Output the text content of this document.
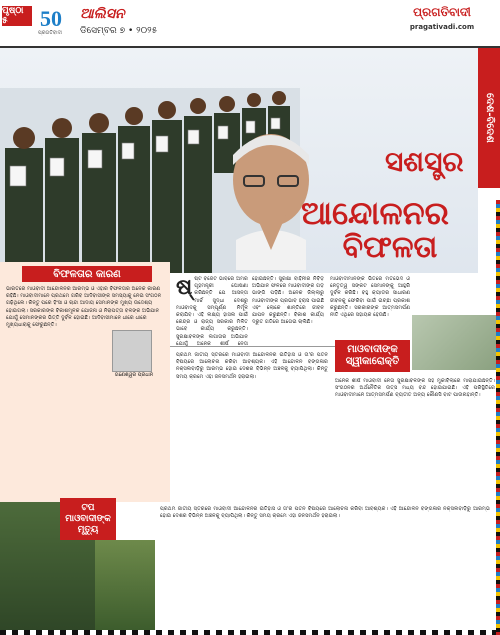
ପୃଷ୍ଠା ୫	50
ପ୍ରଗତିବାଦୀ
ଆଲିସନ
ଡିସେମ୍ବର ୭ • ୨୦୨୫
ପ୍ରଗତିବାଦୀ
pragativadi.com
ଦେଶ-ବିଦେଶ
ସଶସ୍ତ୍ର
ଆନ୍ଦୋଳନର
ବିଫଳତା
ବିଫଳତାର କାରଣ
ଭାରତରେ ମାଓବାଦୀ ଆନ୍ଦୋଳନର ଆରମ୍ଭ ଓ ଏହାର ବିଫଳତାର ଅନେକ କାରଣ ରହିଛି। ମାଓବାଦୀମାନେ ପ୍ରଥମେ ଗରିବ ଆଦିବାସୀଙ୍କ ସମସ୍ୟାକୁ ନେଇ ସଂଗଠନ ଗଢ଼ିଥିଲେ। କିନ୍ତୁ ପରେ ହିଂସା ଓ ଚାନ୍ଦା ଆଦାୟ ସେମାନଙ୍କ ମୁଖ୍ୟ ଉଦ୍ଦେଶ୍ୟ ହୋଇଗଲା। ସରକାରଙ୍କ ବିକାଶମୂଳକ ଯୋଜନା ଓ ନିରାପତ୍ତା ବଳଙ୍କ ଅଭିଯାନ ଯୋଗୁଁ ସେମାନଙ୍କର ଭିତ୍ତି ଦୁର୍ବଳ ହୋଇଛି। ଆଦିବାସୀମାନେ ଧୀରେ ଧୀରେ ମୁଖ୍ୟଧାରାକୁ ଫେରୁଛନ୍ତି।
ଗଣେଶ୍ୱର ପ୍ରଧାନ
ଷ୍ଷ୍ଟ ବଜେଟ ଭାବରେ ଅମର ଗୃହମନ୍ତ୍ରୀ ଘୋଷଣା କରିଛନ୍ତି ଯେ ଆସନ୍ତା ମାର୍ଚ୍ଚ ସୁଦ୍ଧା ଦେଶରୁ ମାଓବାଦକୁ ସମ୍ପୂର୍ଣ୍ଣ ନିର୍ମୂଳ କରାଯିବ। ଏହି ଲକ୍ଷ୍ୟ ହାସଲ ପାଇଁ କେନ୍ଦ୍ର ଓ ରାଜ୍ୟ ସରକାର ମିଳିତ ଭାବେ କାର୍ଯ୍ୟ କରୁଛନ୍ତି। ସୁରକ୍ଷାବଳଙ୍କ ଲଗାତାର ଅଭିଯାନ ଯୋଗୁଁ ଅନେକ ଶୀର୍ଷ ନେତା
ହୋଇଛନ୍ତି। ସୁରକ୍ଷା ବାହିନୀର ନିବିଡ଼ ଅଭିଯାନ ଫଳରେ ମାଓବାଦୀଙ୍କ ଗଡ଼ ଭାଙ୍ଗି ପଡ଼ିଛି। ଅନେକ ଜିଲ୍ଲାରୁ ମାଓବାଦୀଙ୍କ ପ୍ରଭାବ ହ୍ରାସ ପାଇଛି ଏବଂ ଲୋକେ ଶାନ୍ତିରେ ଜୀବନ ଯାପନ କରୁଛନ୍ତି। ବିକାଶ କାର୍ଯ୍ୟ ଦ୍ରୁତ ଗତିରେ ଆଗେଇ ଚାଲିଛି।
ମାଓବାଦୀମାନଙ୍କ ଭିତରେ ମତଭେଦ ଓ ନେତୃତ୍ୱ ସଙ୍କଟ ସେମାନଙ୍କୁ ଆହୁରି ଦୁର୍ବଳ କରିଛି। ବହୁ କ୍ୟାଡର ସାଧାରଣ ଜୀବନକୁ ଫେରିବା ପାଇଁ ଇଚ୍ଛା ପ୍ରକାଶ କରୁଛନ୍ତି। ସରକାରଙ୍କ ଆତ୍ମସମର୍ପଣ ନୀତି ଏଥିରେ ସହାୟକ ହେଉଛି।
ପ୍ରଥମ ଜାତୀୟ ସ୍ତରରେ ମାଓବାଦୀ ଆନ୍ଦୋଳନର ଇତିହାସ ଓ ତା'ର ପତନ ବିଷୟରେ ଆଲୋଚନା କରିବା ଆବଶ୍ୟକ। ଏହି ଆନ୍ଦୋଳନ ବଙ୍ଗଳାର ନକ୍ସଲବାଡ଼ିରୁ ଆରମ୍ଭ ହୋଇ ଦେଶର ବିଭିନ୍ନ ଅଞ୍ଚଳକୁ ବ୍ୟାପିଥିଲା। କିନ୍ତୁ ସମୟ କ୍ରମେ ଏହା ଜନସମର୍ଥନ ହରାଇଲା।
ମାଓବାଦୀଙ୍କ ସ୍ୱୀକାରୋକ୍ତି
ଅନେକ ଶୀର୍ଷ ମାଓବାଦୀ ନେତା ସୁରକ୍ଷାବଳଙ୍କ ସହ ମୁକାବିଲାରେ ମାରାଯାଇଛନ୍ତି। ସଂଗଠନର ଅର୍ଥନୈତିକ ଉତ୍ସ ମଧ୍ୟ ବନ୍ଦ ହୋଇଯାଇଛି। ଏହି ପରିସ୍ଥିତିରେ ମାଓବାଦୀମାନେ ଆତ୍ମସମର୍ପଣ ବ୍ୟତୀତ ଅନ୍ୟ କୌଣସି ବାଟ ପାଉନାହାନ୍ତି।
ଟପ ମାଓବାଦୀଙ୍କ ମୃତ୍ୟୁ
ପ୍ରଥମ ଜାତୀୟ ସ୍ତରରେ ମାଓବାଦୀ ଆନ୍ଦୋଳନର ଇତିହାସ ଓ ତା'ର ପତନ ବିଷୟରେ ଆଲୋଚନା କରିବା ଆବଶ୍ୟକ। ଏହି ଆନ୍ଦୋଳନ ବଙ୍ଗଳାର ନକ୍ସଲବାଡ଼ିରୁ ଆରମ୍ଭ ହୋଇ ଦେଶର ବିଭିନ୍ନ ଅଞ୍ଚଳକୁ ବ୍ୟାପିଥିଲା। କିନ୍ତୁ ସମୟ କ୍ରମେ ଏହା ଜନସମର୍ଥନ ହରାଇଲା।
